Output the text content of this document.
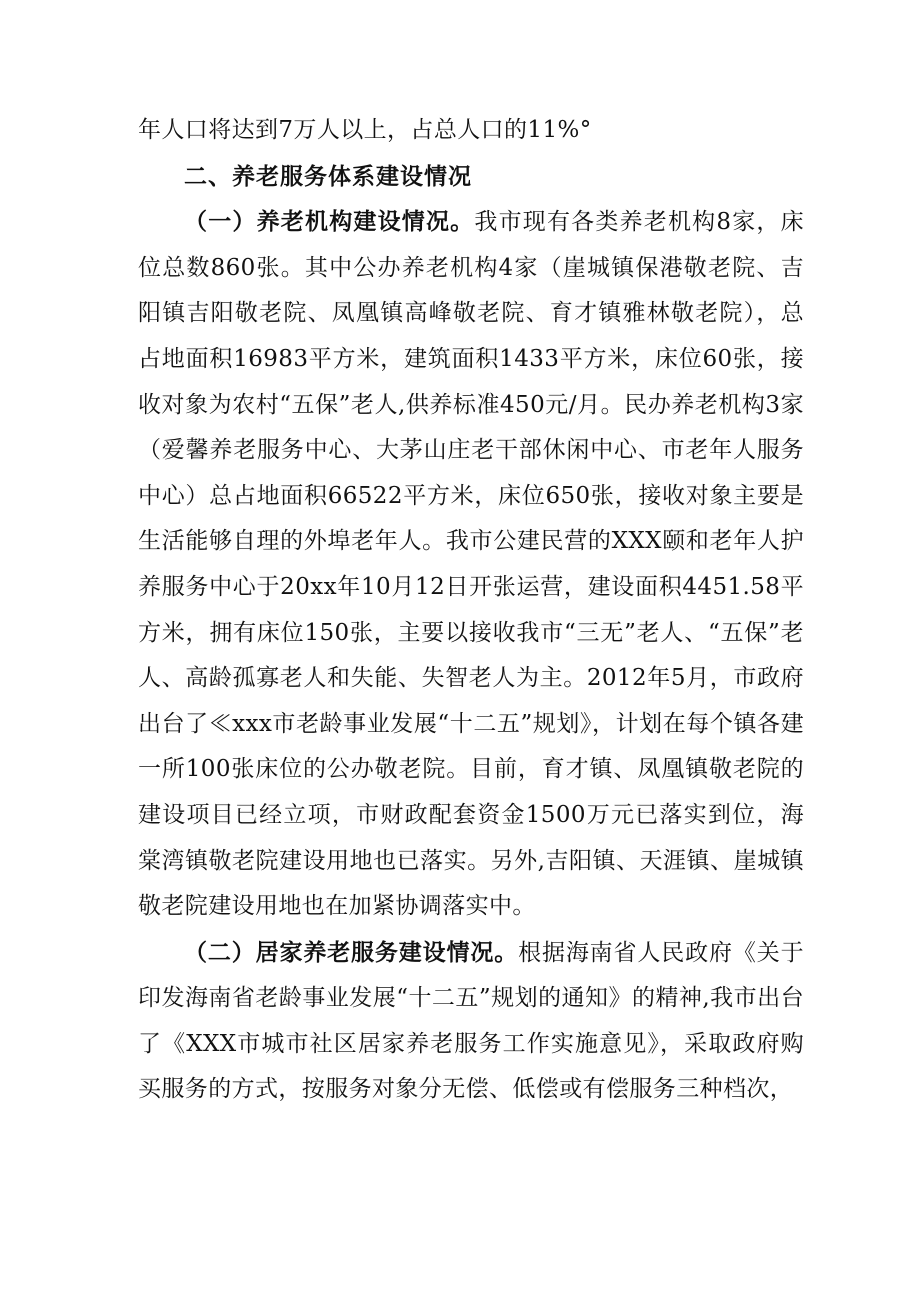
年人口将达到7万人以上，占总人口的11%°

二、养老服务体系建设情况

（一）养老机构建设情况。我市现有各类养老机构8家，床位总数860张。其中公办养老机构4家（崖城镇保港敬老院、吉阳镇吉阳敬老院、凤凰镇高峰敬老院、育才镇雅林敬老院），总占地面积16983平方米，建筑面积1433平方米，床位60张，接收对象为农村“五保”老人,供养标准450元/月。民办养老机构3家（爱馨养老服务中心、大茅山庄老干部休闲中心、市老年人服务中心）总占地面积66522平方米，床位650张，接收对象主要是生活能够自理的外埠老年人。我市公建民营的XXX颐和老年人护养服务中心于20xx年10月12日开张运营，建设面积4451.58平方米，拥有床位150张，主要以接收我市“三无”老人、“五保”老人、高龄孤寡老人和失能、失智老人为主。2012年5月，市政府出台了≪xxx市老龄事业发展“十二五”规划》，计划在每个镇各建一所100张床位的公办敬老院。目前，育才镇、凤凰镇敬老院的建设项目已经立项，市财政配套资金1500万元已落实到位，海棠湾镇敬老院建设用地也已落实。另外,吉阳镇、天涯镇、崖城镇敬老院建设用地也在加紧协调落实中。

（二）居家养老服务建设情况。根据海南省人民政府《关于印发海南省老龄事业发展“十二五”规划的通知》的精神,我市出台了《XXX市城市社区居家养老服务工作实施意见》，采取政府购买服务的方式，按服务对象分无偿、低偿或有偿服务三种档次，
